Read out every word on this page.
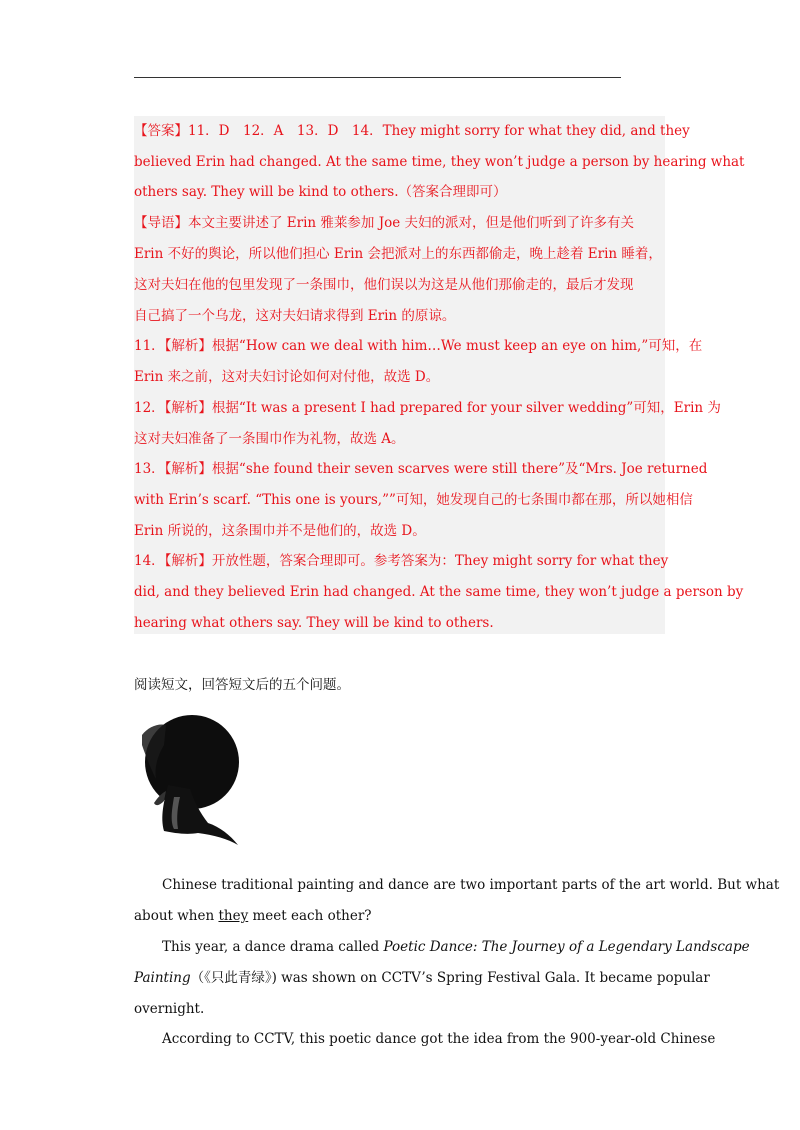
【答案】11．D　12．A　13．D　14．They might sorry for what they did, and they

believed Erin had changed. At the same time, they won’t judge a person by hearing what

others say. They will be kind to others.（答案合理即可）

【导语】本文主要讲述了 Erin 雅莱参加 Joe 夫妇的派对，但是他们听到了许多有关

Erin 不好的舆论，所以他们担心 Erin 会把派对上的东西都偷走，晚上趁着 Erin 睡着，

这对夫妇在他的包里发现了一条围巾，他们误以为这是从他们那偷走的，最后才发现

自己搞了一个乌龙，这对夫妇请求得到 Erin 的原谅。

11．【解析】根据“How can we deal with him…We must keep an eye on him,”可知，在

Erin 来之前，这对夫妇讨论如何对付他，故选 D。

12．【解析】根据“It was a present I had prepared for your silver wedding”可知，Erin 为

这对夫妇准备了一条围巾作为礼物，故选 A。

13．【解析】根据“she found their seven scarves were still there”及“Mrs. Joe returned

with Erin’s scarf. “This one is yours,””可知，她发现自己的七条围巾都在那，所以她相信

Erin 所说的，这条围巾并不是他们的，故选 D。

14．【解析】开放性题，答案合理即可。参考答案为：They might sorry for what they

did, and they believed Erin had changed. At the same time, they won’t judge a person by

hearing what others say. They will be kind to others.

阅读短文，回答短文后的五个问题。

Chinese traditional painting and dance are two important parts of the art world. But what

about when they meet each other?

This year, a dance drama called Poetic Dance: The Journey of a Legendary Landscape

Painting（《只此青绿》) was shown on CCTV’s Spring Festival Gala. It became popular

overnight.

According to CCTV, this poetic dance got the idea from the 900-year-old Chinese
